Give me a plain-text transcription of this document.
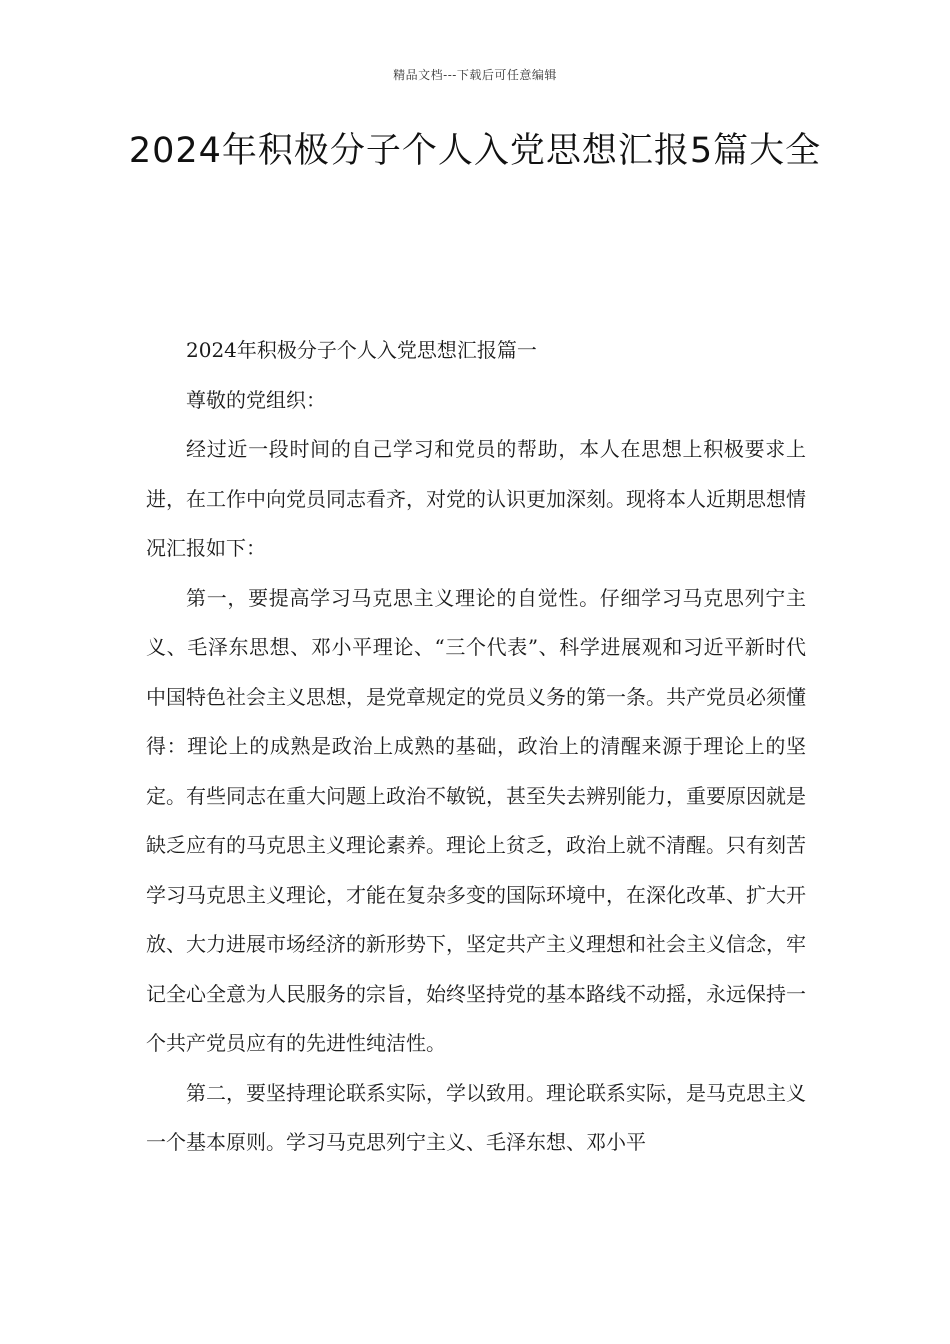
精品文档---下载后可任意编辑
2024年积极分子个人入党思想汇报5篇大全

2024年积极分子个人入党思想汇报篇一

尊敬的党组织：

经过近一段时间的自己学习和党员的帮助，本人在思想上积极要求上进，在工作中向党员同志看齐，对党的认识更加深刻。现将本人近期思想情况汇报如下：

第一，要提高学习马克思主义理论的自觉性。仔细学习马克思列宁主义、毛泽东思想、邓小平理论、“三个代表”、科学进展观和习近平新时代中国特色社会主义思想，是党章规定的党员义务的第一条。共产党员必须懂得：理论上的成熟是政治上成熟的基础，政治上的清醒来源于理论上的坚定。有些同志在重大问题上政治不敏锐，甚至失去辨别能力，重要原因就是缺乏应有的马克思主义理论素养。理论上贫乏，政治上就不清醒。只有刻苦学习马克思主义理论，才能在复杂多变的国际环境中，在深化改革、扩大开放、大力进展市场经济的新形势下，坚定共产主义理想和社会主义信念，牢记全心全意为人民服务的宗旨，始终坚持党的基本路线不动摇，永远保持一个共产党员应有的先进性纯洁性。

第二，要坚持理论联系实际，学以致用。理论联系实际，是马克思主义一个基本原则。学习马克思列宁主义、毛泽东想、邓小平
